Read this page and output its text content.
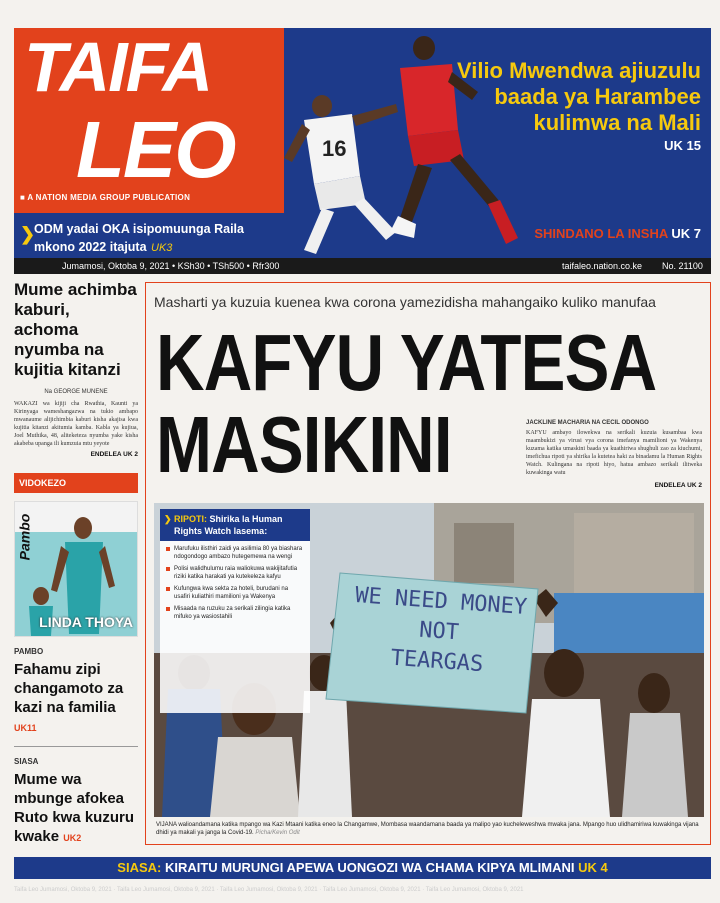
TAIFA
LEO
■ A NATION MEDIA GROUP PUBLICATION
❯
ODM yadai OKA isipomuunga Raila mkono 2022 itajuta UK3
16
Vilio Mwendwa ajiuzulu baada ya Harambee kulimwa na Mali
UK 15
SHINDANO LA INSHA UK 7
Jumamosi, Oktoba 9, 2021 • KSh30 • TSh500 • Rfr300	taifaleo.nation.co.ke No. 21100
Mume achimba kaburi, achoma nyumba na kujitia kitanzi
Na GEORGE MUNENE
WAKAZI wa kijiji cha Rwathia, Kaunti ya Kirinyaga wameshangazwa na tukio ambapo mwanaume alijichimbia kaburi kisha akajisa kwa kujitia kitanzi akitumia kamba. Kabla ya kujiua, Joel Muthika, 48, aliteketeza nyumba yake kisha akabeba upanga ili kumzuia mtu yeyote
ENDELEA UK 2
VIDOKEZO
Pambo
LINDA THOYA
PAMBO
Fahamu zipi changamoto za kazi na familia UK11
SIASA
Mume wa mbunge afokea Ruto kwa kuzuru kwake UK2
Masharti ya kuzuia kuenea kwa corona yamezidisha mahangaiko kuliko manufaa
KAFYU YATESA
MASIKINI	JACKLINE MACHARIA NA CECIL ODONGO
KAFYU ambayo ilowekwa na serikali kuzuia kusambaa kwa maambukizi ya virusi vya corona imefanya mamilioni ya Wakenya kuzama katika umaskini baada ya kuathiriwa shughuli zao za kiuchumi, imefichua ripoti ya shirika la kutetea haki za binadamu la Human Rights Watch. Kulingana na ripoti hiyo, hatua ambazo serikali ilitweka kuwakinga watu
ENDELEA UK 2
WE NEED MONEY
NOT
TEARGAS
❯ RIPOTI: Shirika la Human Rights Watch lasema:
Marufuku ilisthiri zaidi ya asilimia 80 ya biashara ndogondogo ambazo hutegemewa na wengi
Polisi walidhulumu raia waliokuwa wakijitafutia riziki katika harakati ya kutekeleza kafyu
Kufungwa kwa sekta za hoteli, burudani na usafiri kuliathiri mamilioni ya Wakenya
Misaada na ruzuku za serikali zilingia katika mifuko ya wasiostahili
VIJANA walioandamana katika mpango wa Kazi Mtaani katika eneo la Changamwe, Mombasa waandamana baada ya malipo yao kucheleweshwa mwaka jana. Mpango huo ulidhamiriwa kuwakinga vijana dhidi ya makali ya janga la Covid-19. Picha/Kevin Odit
SIASA: KIRAITU MURUNGI APEWA UONGOZI WA CHAMA KIPYA MLIMANI UK 4
Taifa Leo Jumamosi, Oktoba 9, 2021 · Taifa Leo Jumamosi, Oktoba 9, 2021 · Taifa Leo Jumamosi, Oktoba 9, 2021 · Taifa Leo Jumamosi, Oktoba 9, 2021 · Taifa Leo Jumamosi, Oktoba 9, 2021
